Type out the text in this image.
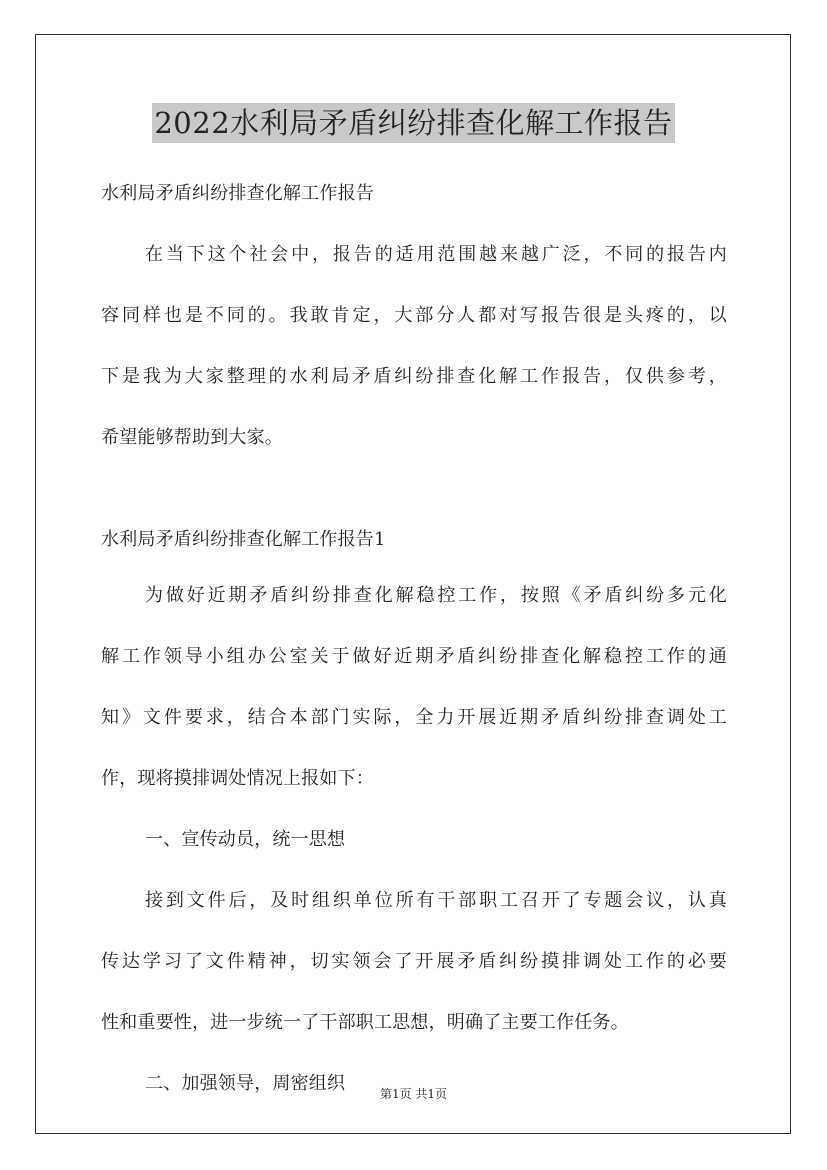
2022水利局矛盾纠纷排查化解工作报告
水利局矛盾纠纷排查化解工作报告
在当下这个社会中，报告的适用范围越来越广泛，不同的报告内
容同样也是不同的。我敢肯定，大部分人都对写报告很是头疼的，以
下是我为大家整理的水利局矛盾纠纷排查化解工作报告，仅供参考，
希望能够帮助到大家。
水利局矛盾纠纷排查化解工作报告1
为做好近期矛盾纠纷排查化解稳控工作，按照《矛盾纠纷多元化
解工作领导小组办公室关于做好近期矛盾纠纷排查化解稳控工作的通
知》文件要求，结合本部门实际，全力开展近期矛盾纠纷排查调处工
作，现将摸排调处情况上报如下：
一、宣传动员，统一思想
接到文件后，及时组织单位所有干部职工召开了专题会议，认真
传达学习了文件精神，切实领会了开展矛盾纠纷摸排调处工作的必要
性和重要性，进一步统一了干部职工思想，明确了主要工作任务。
二、加强领导，周密组织	第1页 共1页
